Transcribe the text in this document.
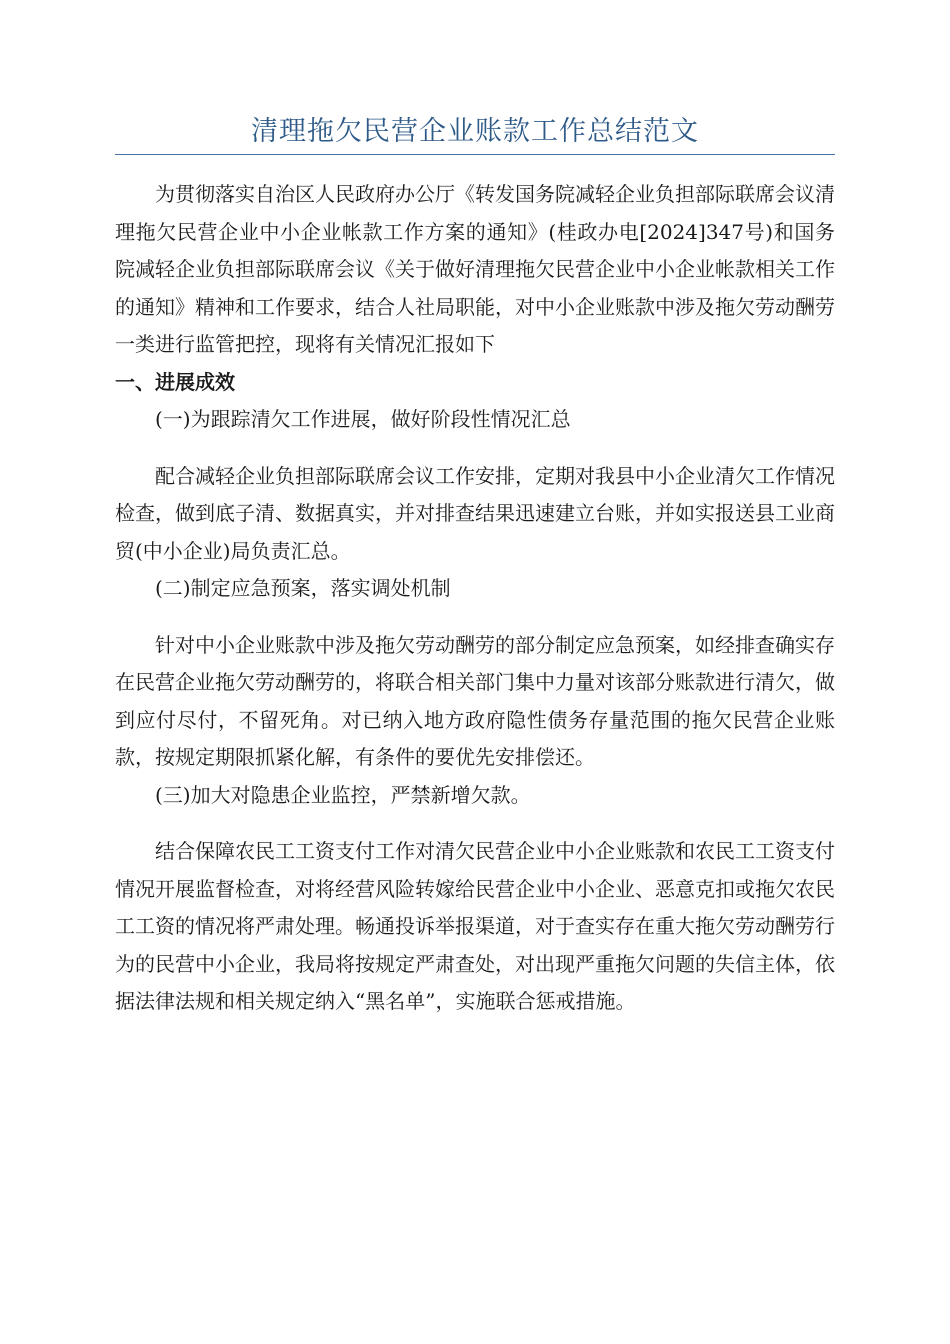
清理拖欠民营企业账款工作总结范文

为贯彻落实自治区人民政府办公厅《转发国务院减轻企业负担部际联席会议清理拖欠民营企业中小企业帐款工作方案的通知》(桂政办电[2024]347号)和国务院减轻企业负担部际联席会议《关于做好清理拖欠民营企业中小企业帐款相关工作的通知》精神和工作要求，结合人社局职能，对中小企业账款中涉及拖欠劳动酬劳一类进行监管把控，现将有关情况汇报如下

一、进展成效

(一)为跟踪清欠工作进展，做好阶段性情况汇总

配合减轻企业负担部际联席会议工作安排，定期对我县中小企业清欠工作情况检查，做到底子清、数据真实，并对排查结果迅速建立台账，并如实报送县工业商贸(中小企业)局负责汇总。

(二)制定应急预案，落实调处机制

针对中小企业账款中涉及拖欠劳动酬劳的部分制定应急预案，如经排查确实存在民营企业拖欠劳动酬劳的，将联合相关部门集中力量对该部分账款进行清欠，做到应付尽付，不留死角。对已纳入地方政府隐性债务存量范围的拖欠民营企业账款，按规定期限抓紧化解，有条件的要优先安排偿还。

(三)加大对隐患企业监控，严禁新增欠款。

结合保障农民工工资支付工作对清欠民营企业中小企业账款和农民工工资支付情况开展监督检查，对将经营风险转嫁给民营企业中小企业、恶意克扣或拖欠农民工工资的情况将严肃处理。畅通投诉举报渠道，对于查实存在重大拖欠劳动酬劳行为的民营中小企业，我局将按规定严肃查处，对出现严重拖欠问题的失信主体，依据法律法规和相关规定纳入“黑名单”，实施联合惩戒措施。
